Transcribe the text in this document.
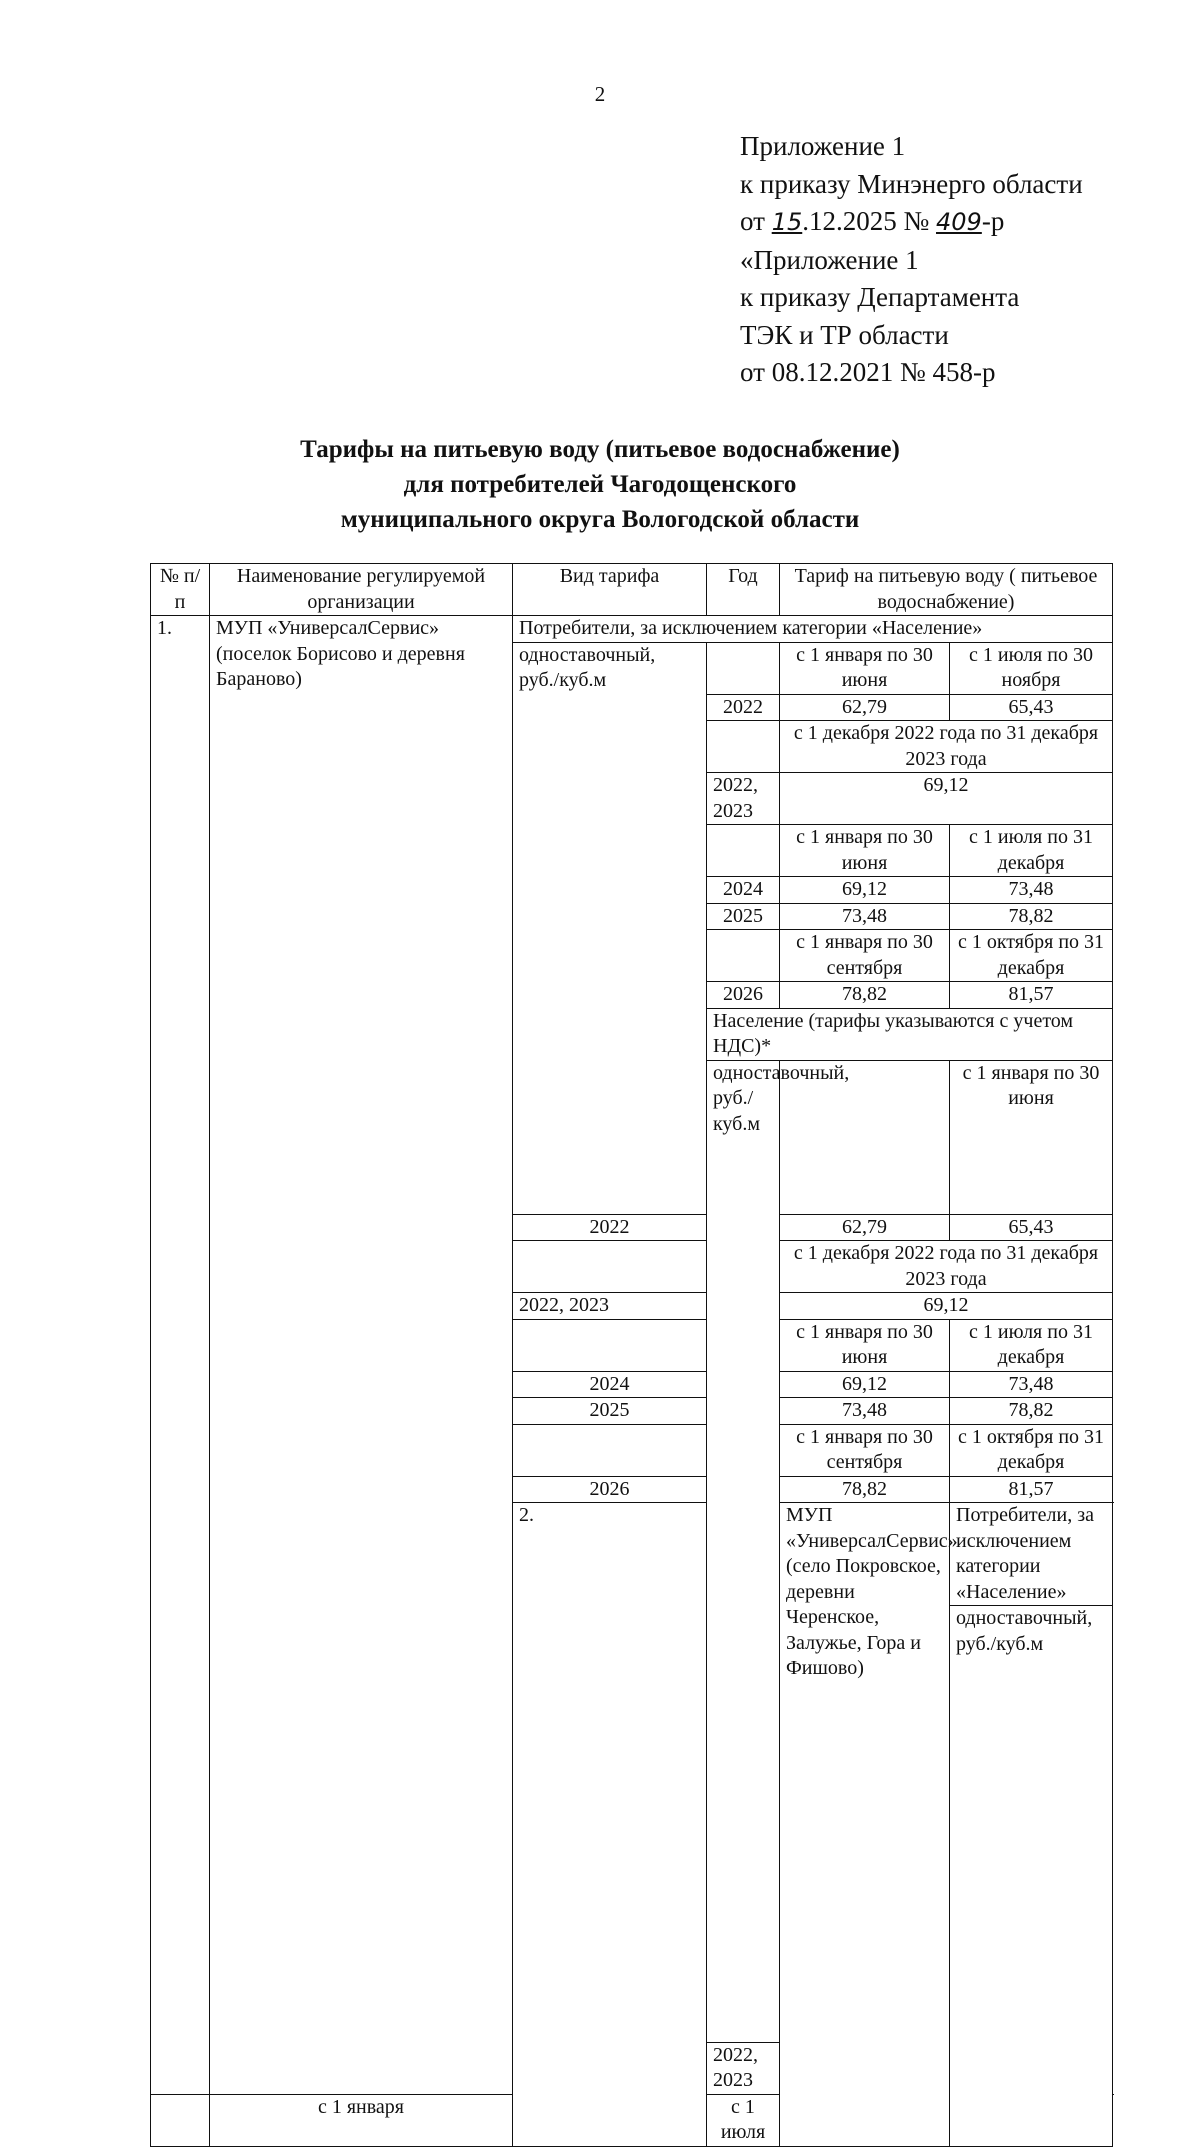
2
Приложение 1
к приказу Минэнерго области
от 15.12.2025 № 409-р
«Приложение 1
к приказу Департамента
ТЭК и ТР области
от 08.12.2021 № 458-р
Тарифы на питьевую воду (питьевое водоснабжение)
для потребителей Чагодощенского
муниципального округа Вологодской области
№ п/п	Наименование регулируемой организации	Вид тарифа	Год	Тариф на питьевую воду ( питьевое водоснабжение)		
1.	МУП «УниверсалСервис» (поселок Борисово и деревня Бараново)	Потребители, за исключением категории «Население»				
		одноставочный, руб./куб.м		с 1 января по 30 июня	с 1 июля по 30 ноября	
			2022	62,79	65,43	
				с 1 декабря 2022 года по 31 декабря 2023 года		
			2022, 2023	69,12		
				с 1 января по 30 июня	с 1 июля по 31 декабря	
			2024	69,12	73,48	
			2025	73,48	78,82	
				с 1 января по 30 сентября	с 1 октября по 31 декабря	
			2026	78,82	81,57	
			Население (тарифы указываются с учетом НДС)*			
			одноставочный, руб./куб.м		с 1 января по 30 июня	
		2022		62,79	65,43	
				с 1 декабря 2022 года по 31 декабря 2023 года		
		2022, 2023		69,12		
				с 1 января по 30 июня	с 1 июля по 31 декабря	
		2024		69,12	73,48	
		2025		73,48	78,82	
				с 1 января по 30 сентября	с 1 октября по 31 декабря	
		2026		78,82	81,57	
		2.		МУП «УниверсалСервис» (село Покровское, деревни Черенское, Залужье, Гора и Фишово)	Потребители, за исключением категории «Население»	
					одноставочный, руб./куб.м			

			2022, 2023	
	с 1 января		с 1 июля			
